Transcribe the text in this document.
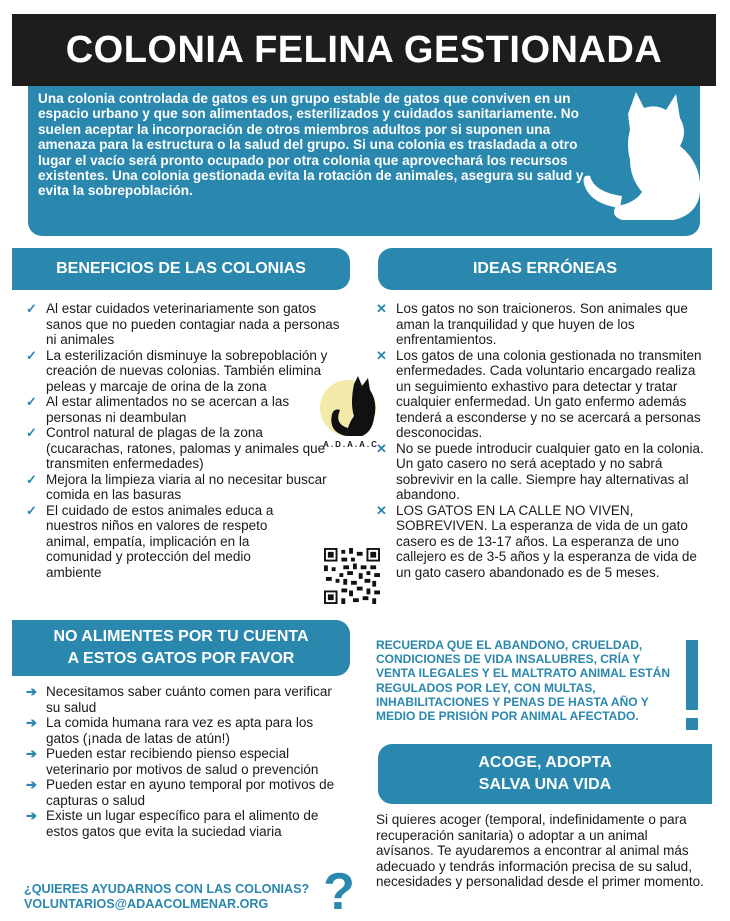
COLONIA FELINA GESTIONADA
Una colonia controlada de gatos es un grupo estable de gatos que conviven en un espacio urbano y que son alimentados, esterilizados y cuidados sanitariamente. No suelen aceptar la incorporación de otros miembros adultos por si suponen una amenaza para la estructura o la salud del grupo. Si una colonia es trasladada a otro lugar el vacío será pronto ocupado por otra colonia que aprovechará los recursos existentes. Una colonia gestionada evita la rotación de animales, asegura su salud y evita la sobrepoblación.
BENEFICIOS DE LAS COLONIAS
✓ Al estar cuidados veterinariamente son gatos sanos que no pueden contagiar nada a personas ni animales
✓ La esterilización disminuye la sobrepoblación y creación de nuevas colonias. También elimina peleas y marcaje de orina de la zona
✓ Al estar alimentados no se acercan a las personas ni deambulan
✓ Control natural de plagas de la zona (cucarachas, ratones, palomas y animales que transmiten enfermedades)
✓ Mejora la limpieza viaria al no necesitar buscar comida en las basuras
✓ El cuidado de estos animales educa a nuestros niños en valores de respeto animal, empatía, implicación en la comunidad y protección del medio ambiente
A.D.A.A.C
IDEAS ERRÓNEAS
✕ Los gatos no son traicioneros. Son animales que aman la tranquilidad y que huyen de los enfrentamientos.
✕ Los gatos de una colonia gestionada no transmiten enfermedades. Cada voluntario encargado realiza un seguimiento exhastivo para detectar y tratar cualquier enfermedad. Un gato enfermo además tenderá a esconderse y no se acercará a personas desconocidas.
✕ No se puede introducir cualquier gato en la colonia. Un gato casero no será aceptado y no sabrá sobrevivir en la calle. Siempre hay alternativas al abandono.
✕ LOS GATOS EN LA CALLE NO VIVEN, SOBREVIVEN. La esperanza de vida de un gato casero es de 13-17 años. La esperanza de uno callejero es de 3-5 años y la esperanza de vida de un gato casero abandonado es de 5 meses.
RECUERDA QUE EL ABANDONO, CRUELDAD, CONDICIONES DE VIDA INSALUBRES, CRÍA Y VENTA ILEGALES Y EL MALTRATO ANIMAL ESTÁN REGULADOS POR LEY, CON MULTAS, INHABILITACIONES Y PENAS DE HASTA AÑO Y MEDIO DE PRISIÓN POR ANIMAL AFECTADO.
NO ALIMENTES POR TU CUENTA
A ESTOS GATOS POR FAVOR
➔ Necesitamos saber cuánto comen para verificar su salud
➔ La comida humana rara vez es apta para los gatos (¡nada de latas de atún!)
➔ Pueden estar recibiendo pienso especial veterinario por motivos de salud o prevención
➔ Pueden estar en ayuno temporal por motivos de capturas o salud
➔ Existe un lugar específico para el alimento de estos gatos que evita la suciedad viaria
ACOGE, ADOPTA
SALVA UNA VIDA
Si quieres acoger (temporal, indefinidamente o para recuperación sanitaria) o adoptar a un animal avísanos. Te ayudaremos a encontrar al animal más adecuado y tendrás información precisa de su salud, necesidades y personalidad desde el primer momento.
¿QUIERES AYUDARNOS CON LAS COLONIAS?
VOLUNTARIOS@ADAACOLMENAR.ORG	?
